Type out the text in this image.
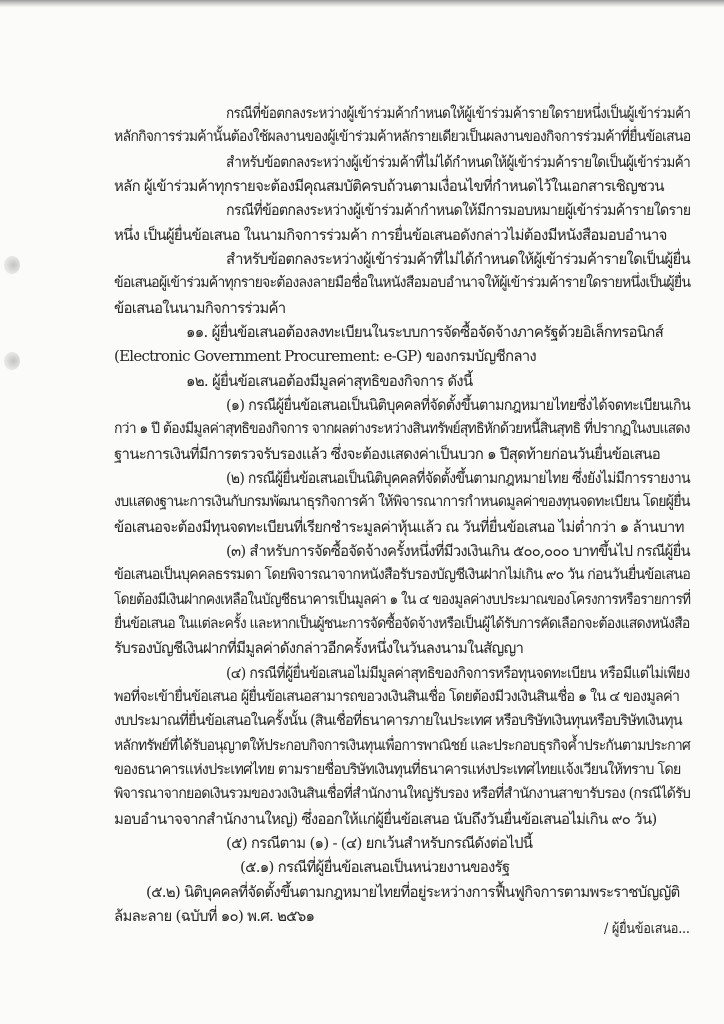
กรณีที่ข้อตกลงระหว่างผู้เข้าร่วมค้ากำหนดให้ผู้เข้าร่วมค้ารายใดรายหนึ่งเป็นผู้เข้าร่วมค้า
หลักกิจการร่วมค้านั้นต้องใช้ผลงานของผู้เข้าร่วมค้าหลักรายเดียวเป็นผลงานของกิจการร่วมค้าที่ยื่นข้อเสนอ
สำหรับข้อตกลงระหว่างผู้เข้าร่วมค้าที่ไม่ได้กำหนดให้ผู้เข้าร่วมค้ารายใดเป็นผู้เข้าร่วมค้า
หลัก ผู้เข้าร่วมค้าทุกรายจะต้องมีคุณสมบัติครบถ้วนตามเงื่อนไขที่กำหนดไว้ในเอกสารเชิญชวน
กรณีที่ข้อตกลงระหว่างผู้เข้าร่วมค้ากำหนดให้มีการมอบหมายผู้เข้าร่วมค้ารายใดราย
หนึ่ง เป็นผู้ยื่นข้อเสนอ ในนามกิจการร่วมค้า การยื่นข้อเสนอดังกล่าวไม่ต้องมีหนังสือมอบอำนาจ
สำหรับข้อตกลงระหว่างผู้เข้าร่วมค้าที่ไม่ได้กำหนดให้ผู้เข้าร่วมค้ารายใดเป็นผู้ยื่น
ข้อเสนอผู้เข้าร่วมค้าทุกรายจะต้องลงลายมือชื่อในหนังสือมอบอำนาจให้ผู้เข้าร่วมค้ารายใดรายหนึ่งเป็นผู้ยื่น
ข้อเสนอในนามกิจการร่วมค้า
๑๑. ผู้ยื่นข้อเสนอต้องลงทะเบียนในระบบการจัดซื้อจัดจ้างภาครัฐด้วยอิเล็กทรอนิกส์
(Electronic Government Procurement: e-GP) ของกรมบัญชีกลาง
๑๒. ผู้ยื่นข้อเสนอต้องมีมูลค่าสุทธิของกิจการ ดังนี้
(๑) กรณีผู้ยื่นข้อเสนอเป็นนิติบุคคลที่จัดตั้งขึ้นตามกฎหมายไทยซึ่งได้จดทะเบียนเกิน
กว่า ๑ ปี ต้องมีมูลค่าสุทธิของกิจการ จากผลต่างระหว่างสินทรัพย์สุทธิหักด้วยหนี้สินสุทธิ ที่ปรากฏในงบแสดง
ฐานะการเงินที่มีการตรวจรับรองแล้ว ซึ่งจะต้องแสดงค่าเป็นบวก ๑ ปีสุดท้ายก่อนวันยื่นข้อเสนอ
(๒) กรณีผู้ยื่นข้อเสนอเป็นนิติบุคคลที่จัดตั้งขึ้นตามกฎหมายไทย ซึ่งยังไม่มีการรายงาน
งบแสดงฐานะการเงินกับกรมพัฒนาธุรกิจการค้า ให้พิจารณาการกำหนดมูลค่าของทุนจดทะเบียน โดยผู้ยื่น
ข้อเสนอจะต้องมีทุนจดทะเบียนที่เรียกชำระมูลค่าหุ้นแล้ว ณ วันที่ยื่นข้อเสนอ ไม่ต่ำกว่า ๑ ล้านบาท
(๓) สำหรับการจัดซื้อจัดจ้างครั้งหนึ่งที่มีวงเงินเกิน ๕๐๐,๐๐๐ บาทขึ้นไป กรณีผู้ยื่น
ข้อเสนอเป็นบุคคลธรรมดา โดยพิจารณาจากหนังสือรับรองบัญชีเงินฝากไม่เกิน ๙๐ วัน ก่อนวันยื่นข้อเสนอ
โดยต้องมีเงินฝากคงเหลือในบัญชีธนาคารเป็นมูลค่า ๑ ใน ๔ ของมูลค่างบประมาณของโครงการหรือรายการที่
ยื่นข้อเสนอ ในแต่ละครั้ง และหากเป็นผู้ชนะการจัดซื้อจัดจ้างหรือเป็นผู้ได้รับการคัดเลือกจะต้องแสดงหนังสือ
รับรองบัญชีเงินฝากที่มีมูลค่าดังกล่าวอีกครั้งหนึ่งในวันลงนามในสัญญา
(๔) กรณีที่ผู้ยื่นข้อเสนอไม่มีมูลค่าสุทธิของกิจการหรือทุนจดทะเบียน หรือมีแต่ไม่เพียง
พอที่จะเข้ายื่นข้อเสนอ ผู้ยื่นข้อเสนอสามารถขอวงเงินสินเชื่อ โดยต้องมีวงเงินสินเชื่อ ๑ ใน ๔ ของมูลค่า
งบประมาณที่ยื่นข้อเสนอในครั้งนั้น (สินเชื่อที่ธนาคารภายในประเทศ หรือบริษัทเงินทุนหรือบริษัทเงินทุน
หลักทรัพย์ที่ได้รับอนุญาตให้ประกอบกิจการเงินทุนเพื่อการพาณิชย์ และประกอบธุรกิจค้ำประกันตามประกาศ
ของธนาคารแห่งประเทศไทย ตามรายชื่อบริษัทเงินทุนที่ธนาคารแห่งประเทศไทยแจ้งเวียนให้ทราบ โดย
พิจารณาจากยอดเงินรวมของวงเงินสินเชื่อที่สำนักงานใหญ่รับรอง หรือที่สำนักงานสาขารับรอง (กรณีได้รับ
มอบอำนาจจากสำนักงานใหญ่) ซึ่งออกให้แก่ผู้ยื่นข้อเสนอ นับถึงวันยื่นข้อเสนอไม่เกิน ๙๐ วัน)
(๕) กรณีตาม (๑) - (๔) ยกเว้นสำหรับกรณีดังต่อไปนี้
(๕.๑) กรณีที่ผู้ยื่นข้อเสนอเป็นหน่วยงานของรัฐ
(๕.๒) นิติบุคคลที่จัดตั้งขึ้นตามกฎหมายไทยที่อยู่ระหว่างการฟื้นฟูกิจการตามพระราชบัญญัติ
ล้มละลาย (ฉบับที่ ๑๐) พ.ศ. ๒๕๖๑
/ ผู้ยื่นข้อเสนอ...
